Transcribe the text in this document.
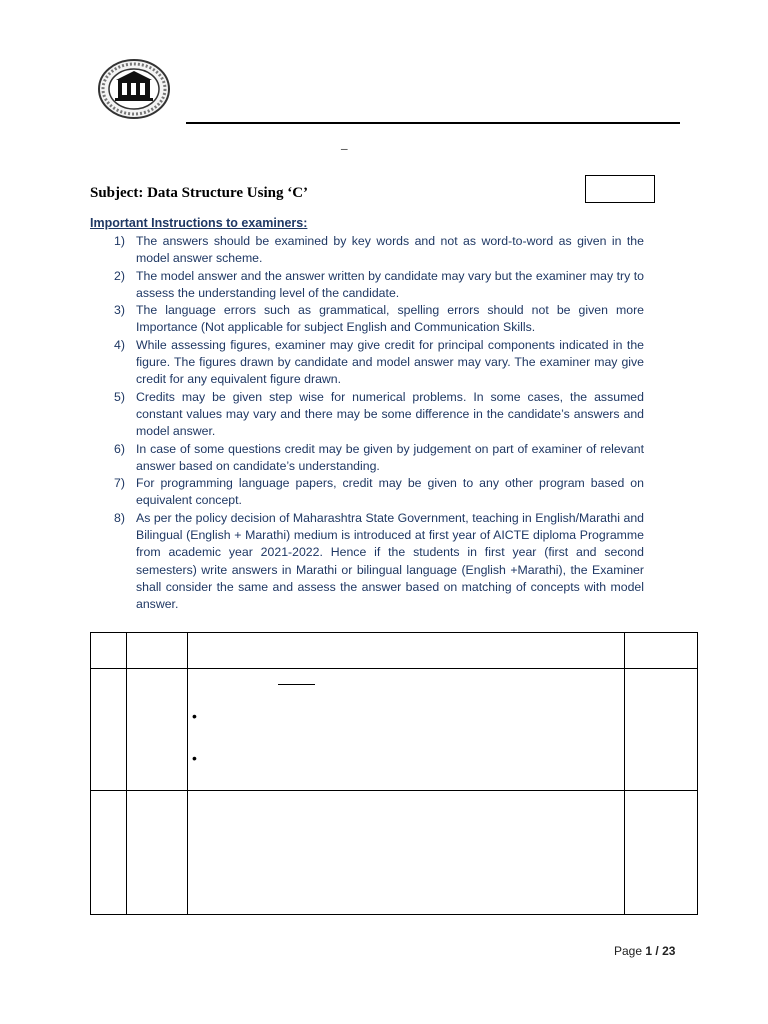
_
Subject: Data Structure Using ‘C’
Important Instructions to examiners:
1) The answers should be examined by key words and not as word-to-word as given in the model answer scheme.
2) The model answer and the answer written by candidate may vary but the examiner may try to assess the understanding level of the candidate.
3) The language errors such as grammatical, spelling errors should not be given more Importance (Not applicable for subject English and Communication Skills.
4) While assessing figures, examiner may give credit for principal components indicated in the figure. The figures drawn by candidate and model answer may vary. The examiner may give credit for any equivalent figure drawn.
5) Credits may be given step wise for numerical problems. In some cases, the assumed constant values may vary and there may be some difference in the candidate’s answers and model answer.
6) In case of some questions credit may be given by judgement on part of examiner of relevant answer based on candidate’s understanding.
7) For programming language papers, credit may be given to any other program based on equivalent concept.
8) As per the policy decision of Maharashtra State Government, teaching in English/Marathi and Bilingual (English + Marathi) medium is introduced at first year of AICTE diploma Programme from academic year 2021-2022. Hence if the students in first year (first and second semesters) write answers in Marathi or bilingual language (English +Marathi), the Examiner shall consider the same and assess the answer based on matching of concepts with model answer.

		•
•	

Page 1 / 23
